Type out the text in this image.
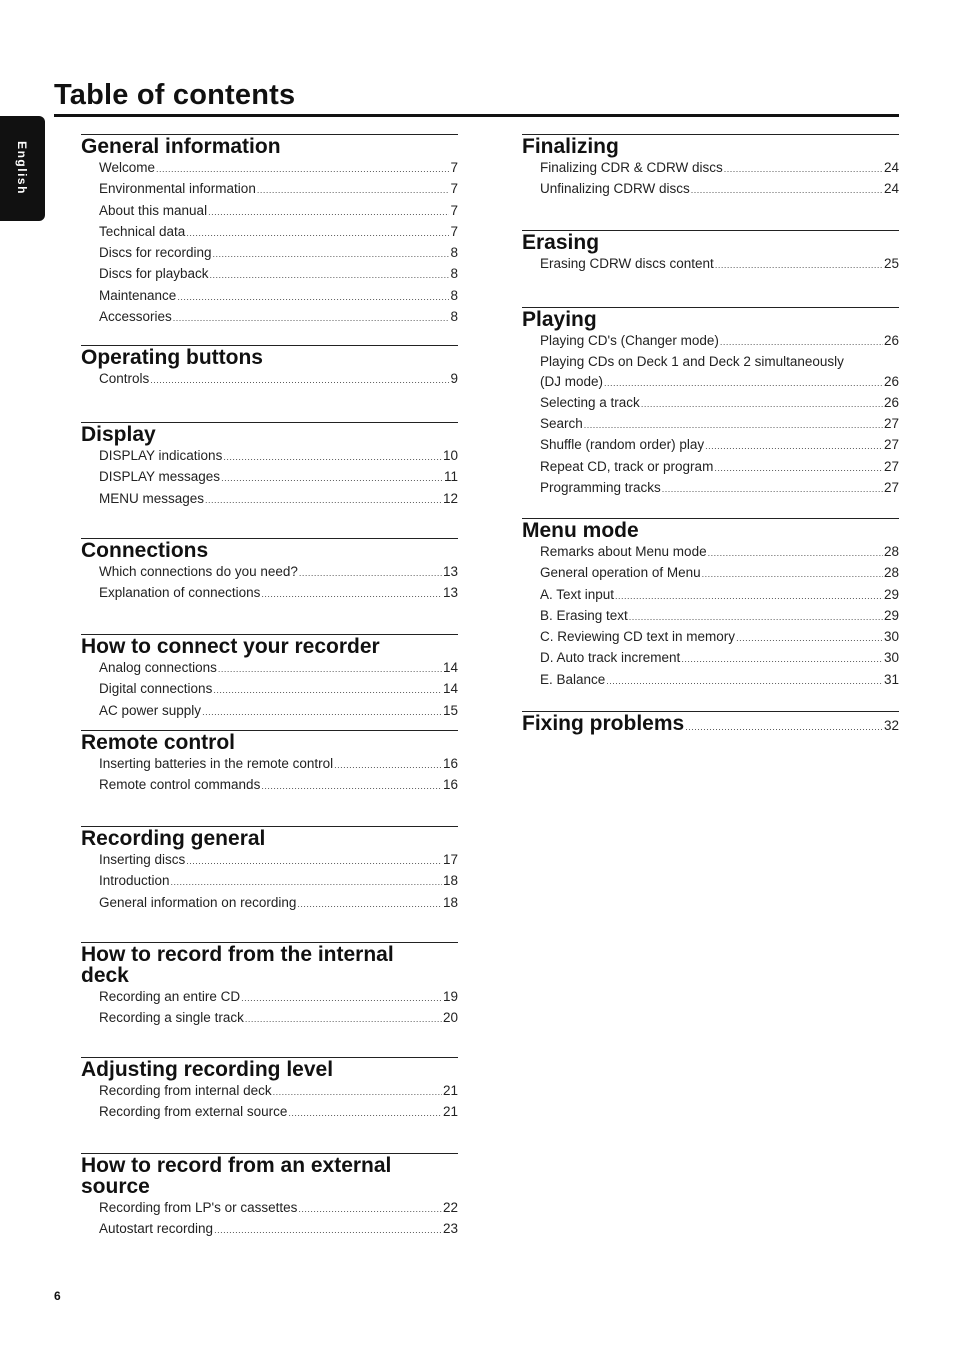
English
Table of contents
General information
Welcome .....	7
Environmental information .....	7
About this manual .....	7
Technical data .....	7
Discs for recording .....	8
Discs for playback .....	8
Maintenance .....	8
Accessories .....	8
Operating buttons
Controls .....	9
Display
DISPLAY indications .....	10
DISPLAY messages .....	11
MENU messages .....	12
Connections
Which connections do you need? .....	13
Explanation of connections .....	13
How to connect your recorder
Analog connections .....	14
Digital connections .....	14
AC power supply .....	15
Remote control
Inserting batteries in the remote control .....	16
Remote control commands .....	16
Recording general
Inserting discs .....	17
Introduction .....	18
General information on recording .....	18
How to record from the internal
deck
Recording an entire CD .....	19
Recording a single track .....	20
Adjusting recording level
Recording from internal deck .....	21
Recording from external source .....	21
How to record from an external
source
Recording from LP's or cassettes .....	22
Autostart recording .....	23
Finalizing
Finalizing CDR & CDRW discs .....	24
Unfinalizing CDRW discs .....	24
Erasing
Erasing CDRW discs content .....	25
Playing
Playing CD's (Changer mode) .....	26
Playing CDs on Deck 1 and Deck 2 simultaneously
(DJ mode) .....	26
Selecting a track .....	26
Search .....	27
Shuffle (random order) play .....	27
Repeat CD, track or program .....	27
Programming tracks .....	27
Menu mode
Remarks about Menu mode .....	28
General operation of Menu .....	28
A. Text input .....	29
B. Erasing text .....	29
C. Reviewing CD text in memory .....	30
D. Auto track increment .....	30
E. Balance .....	31
Fixing problems .....	32
6
